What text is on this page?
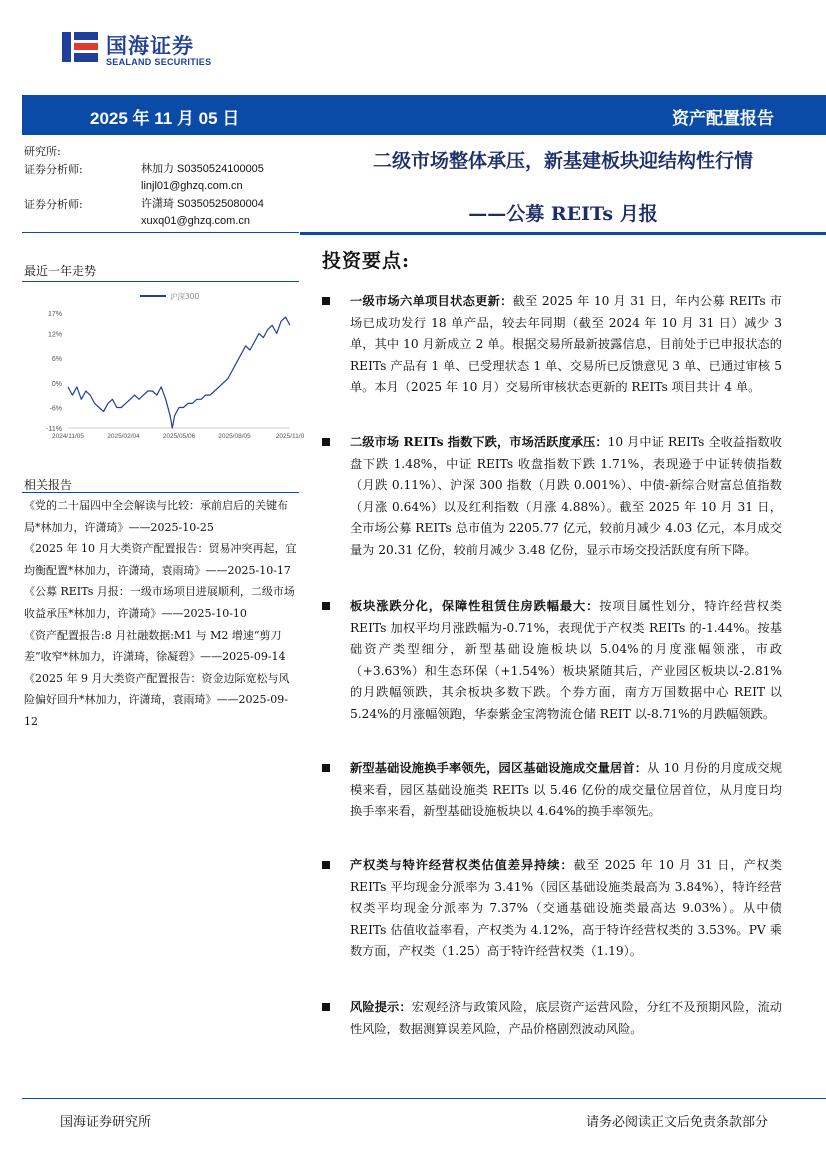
国海证券
SEALAND SECURITIES
2025 年 11 月 05 日	资产配置报告
研究所:
证券分析师:	林加力 S0350524100005
linjl01@ghzq.com.cn
证券分析师:	许潇琦 S0350525080004
xuxq01@ghzq.com.cn
二级市场整体承压，新基建板块迎结构性行情
——公募 REITs 月报
最近一年走势
17%
12%
6%
0%
-6%
-11%
2024/11/05	2025/02/04	2025/05/06	2025/08/05	2025/11/0
沪深300
相关报告

《党的二十届四中全会解读与比较：承前启后的关键布局*林加力，许潇琦》——2025-10-25

《2025 年 10 月大类资产配置报告：贸易冲突再起，宜均衡配置*林加力，许潇琦，袁雨琦》——2025-10-17

《公募 REITs 月报：一级市场项目进展顺利，二级市场收益承压*林加力，许潇琦》——2025-10-10

《资产配置报告:8 月社融数据:M1 与 M2 增速“剪刀差”收窄*林加力，许潇琦，徐凝碧》——2025-09-14

《2025 年 9 月大类资产配置报告：资金边际宽松与风险偏好回升*林加力，许潇琦，袁雨琦》——2025-09-12

投资要点:
一级市场六单项目状态更新：截至 2025 年 10 月 31 日，年内公募 REITs 市场已成功发行 18 单产品，较去年同期（截至 2024 年 10 月 31 日）减少 3 单，其中 10 月新成立 2 单。根据交易所最新披露信息，目前处于已申报状态的 REITs 产品有 1 单、已受理状态 1 单、交易所已反馈意见 3 单、已通过审核 5 单。本月（2025 年 10 月）交易所审核状态更新的 REITs 项目共计 4 单。
二级市场 REITs 指数下跌，市场活跃度承压：10 月中证 REITs 全收益指数收盘下跌 1.48%，中证 REITs 收盘指数下跌 1.71%，表现逊于中证转债指数（月跌 0.11%）、沪深 300 指数（月跌 0.001%）、中债-新综合财富总值指数（月涨 0.64%）以及红利指数（月涨 4.88%）。截至 2025 年 10 月 31 日，全市场公募 REITs 总市值为 2205.77 亿元，较前月减少 4.03 亿元，本月成交量为 20.31 亿份，较前月减少 3.48 亿份，显示市场交投活跃度有所下降。
板块涨跌分化，保障性租赁住房跌幅最大：按项目属性划分，特许经营权类 REITs 加权平均月涨跌幅为-0.71%，表现优于产权类 REITs 的-1.44%。按基础资产类型细分，新型基础设施板块以 5.04%的月度涨幅领涨，市政（+3.63%）和生态环保（+1.54%）板块紧随其后，产业园区板块以-2.81%的月跌幅领跌，其余板块多数下跌。个券方面，南方万国数据中心 REIT 以 5.24%的月涨幅领跑，华泰紫金宝湾物流仓储 REIT 以-8.71%的月跌幅领跌。
新型基础设施换手率领先，园区基础设施成交量居首：从 10 月份的月度成交规模来看，园区基础设施类 REITs 以 5.46 亿份的成交量位居首位，从月度日均换手率来看，新型基础设施板块以 4.64%的换手率领先。
产权类与特许经营权类估值差异持续：截至 2025 年 10 月 31 日，产权类 REITs 平均现金分派率为 3.41%（园区基础设施类最高为 3.84%），特许经营权类平均现金分派率为 7.37%（交通基础设施类最高达 9.03%）。从中债 REITs 估值收益率看，产权类为 4.12%，高于特许经营权类的 3.53%。PV 乘数方面，产权类（1.25）高于特许经营权类（1.19）。
风险提示：宏观经济与政策风险，底层资产运营风险，分红不及预期风险，流动性风险，数据测算误差风险，产品价格剧烈波动风险。
国海证券研究所	请务必阅读正文后免责条款部分
